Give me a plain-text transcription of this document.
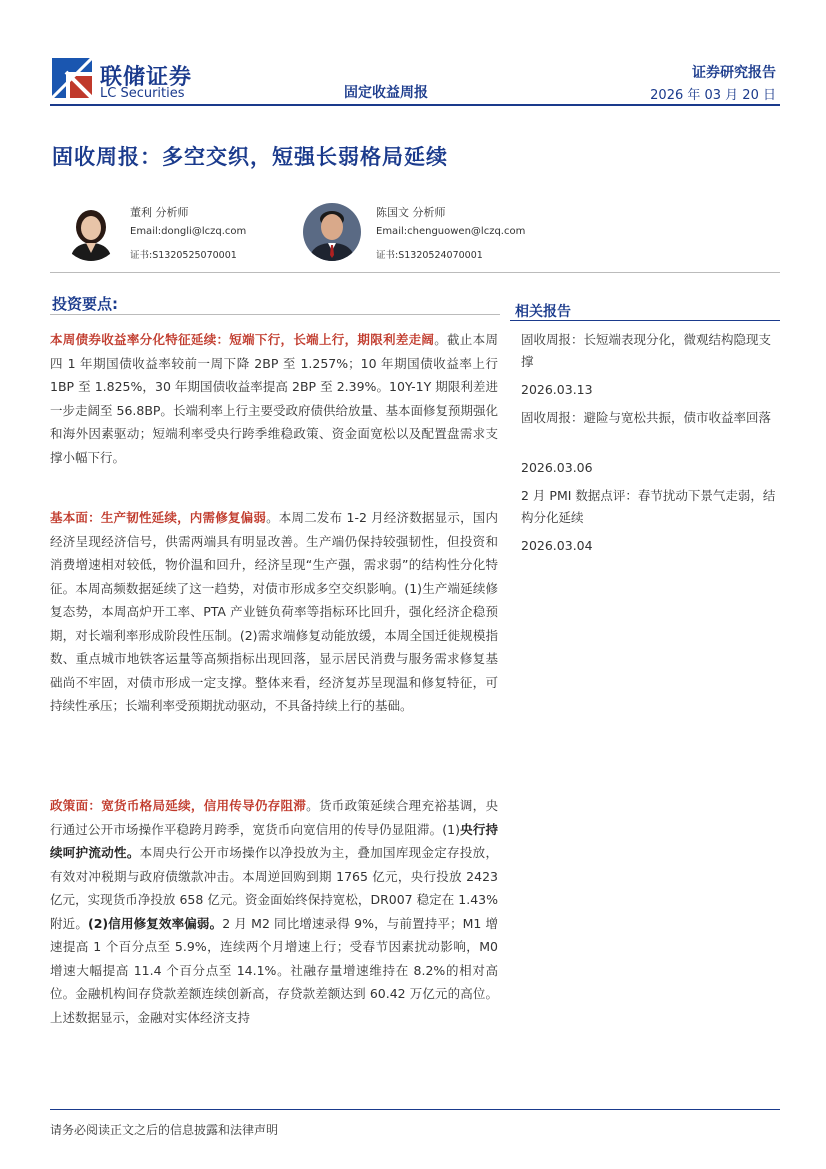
联储证券
LC Securities	固定收益周报
证券研究报告
2026 年 03 月 20 日
固收周报：多空交织，短强长弱格局延续
董利 分析师
Email:dongli@lczq.com
证书:S1320525070001
陈国文 分析师
Email:chenguowen@lczq.com
证书:S1320524070001
投资要点:
本周债券收益率分化特征延续：短端下行，长端上行，期限利差走阔。截止本周四 1 年期国债收益率较前一周下降 2BP 至 1.257%；10 年期国债收益率上行 1BP 至 1.825%，30 年期国债收益率提高 2BP 至 2.39%。10Y-1Y 期限利差进一步走阔至 56.8BP。长端利率上行主要受政府债供给放量、基本面修复预期强化和海外因素驱动；短端利率受央行跨季维稳政策、资金面宽松以及配置盘需求支撑小幅下行。
基本面：生产韧性延续，内需修复偏弱。本周二发布 1-2 月经济数据显示，国内经济呈现经济信号，供需两端具有明显改善。生产端仍保持较强韧性，但投资和消费增速相对较低，物价温和回升，经济呈现“生产强，需求弱”的结构性分化特征。本周高频数据延续了这一趋势，对债市形成多空交织影响。(1)生产端延续修复态势，本周高炉开工率、PTA 产业链负荷率等指标环比回升，强化经济企稳预期，对长端利率形成阶段性压制。(2)需求端修复动能放缓，本周全国迁徙规模指数、重点城市地铁客运量等高频指标出现回落，显示居民消费与服务需求修复基础尚不牢固，对债市形成一定支撑。整体来看，经济复苏呈现温和修复特征，可持续性承压；长端利率受预期扰动驱动，不具备持续上行的基础。
政策面：宽货币格局延续，信用传导仍存阻滞。货币政策延续合理充裕基调，央行通过公开市场操作平稳跨月跨季，宽货币向宽信用的传导仍显阻滞。(1)央行持续呵护流动性。本周央行公开市场操作以净投放为主，叠加国库现金定存投放，有效对冲税期与政府债缴款冲击。本周逆回购到期 1765 亿元，央行投放 2423 亿元，实现货币净投放 658 亿元。资金面始终保持宽松，DR007 稳定在 1.43% 附近。(2)信用修复效率偏弱。2 月 M2 同比增速录得 9%，与前置持平；M1 增速提高 1 个百分点至 5.9%，连续两个月增速上行；受春节因素扰动影响，M0 增速大幅提高 11.4 个百分点至 14.1%。社融存量增速维持在 8.2%的相对高位。金融机构间存贷款差额连续创新高，存贷款差额达到 60.42 万亿元的高位。上述数据显示，金融对实体经济支持
相关报告
固收周报：长短端表现分化，微观结构隐现支撑
2026.03.13
固收周报：避险与宽松共振，债市收益率回落
2026.03.06
2 月 PMI 数据点评：春节扰动下景气走弱，结构分化延续
2026.03.04
请务必阅读正文之后的信息披露和法律声明
